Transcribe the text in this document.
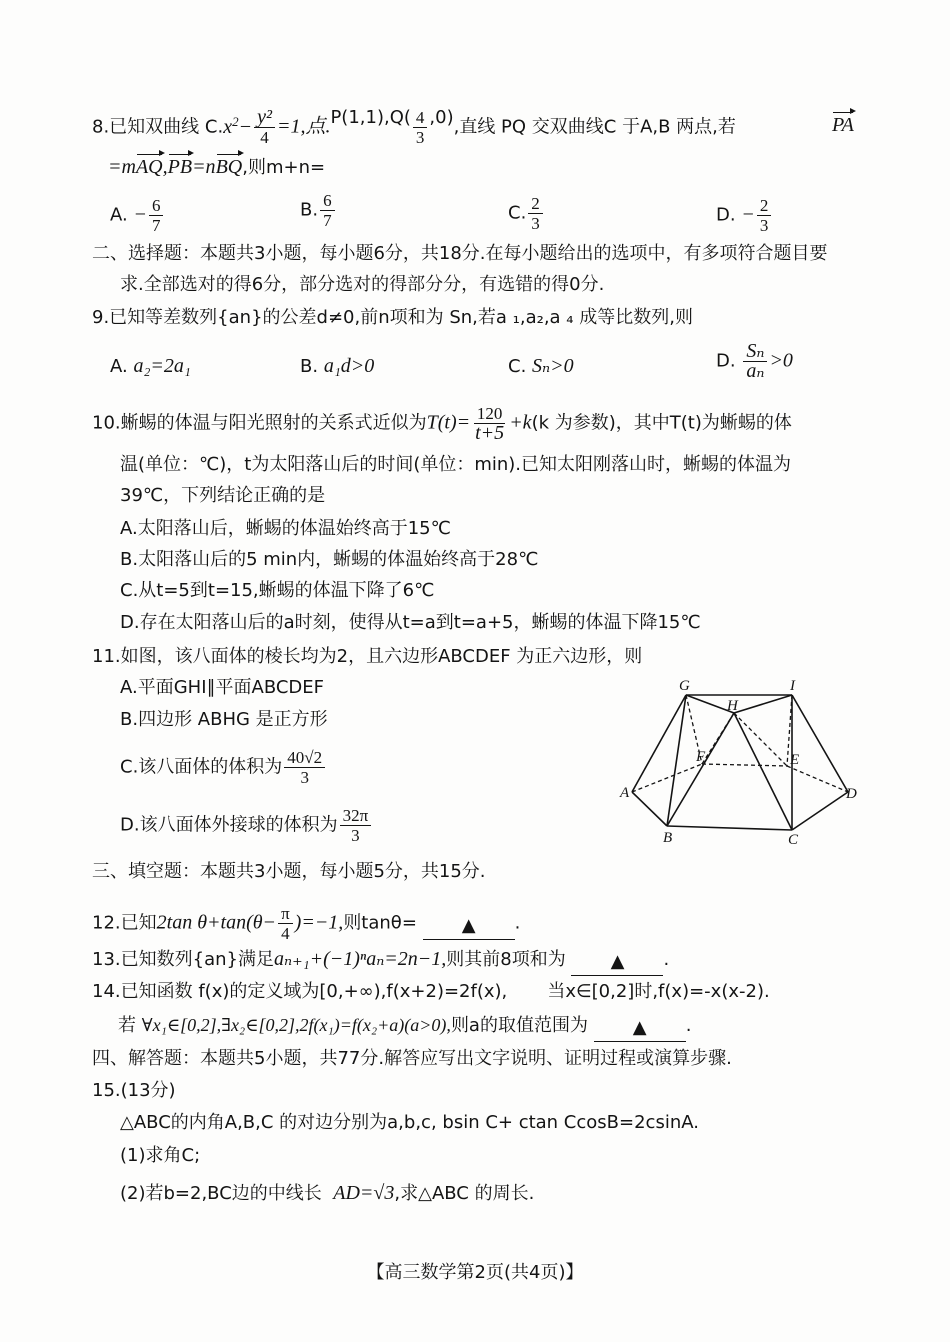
8.已知双曲线 $C.x^2- \frac{\text{y²}}{4} =1$,点$.P(1,1),Q( \frac{4}{3} ,0)$,直线 PQ 交双曲线C 于A,B 两点,若	PA
=mAQ,PB=nBQ,则m+n=
A. − $\frac{6}{7}$	B. $\frac{6}{7}$	C. $\frac{2}{3}$	D. − $\frac{2}{3}$
二、选择题：本题共3小题，每小题6分，共18分.在每小题给出的选项中，有多项符合题目要
求.全部选对的得6分，部分选对的得部分分，有选错的得0分.
9.已知等差数列{an}的公差d≠0,前n项和为 Sn,若a ₁,a₂,a ₄ 成等比数列,则
A. a₂=2a₁	B. a₁d>0	C. Sₙ>0	D. $\frac{\text{Sₙ}}{\text{aₙ}} >0$
10.蜥蜴的体温与阳光照射的关系式近似为$T(t)= \frac{120}{t+5} +k(k$ 为参数)，其中T(t)为蜥蜴的体
温(单位：℃)，t为太阳落山后的时间(单位：min).已知太阳刚落山时，蜥蜴的体温为
39℃，下列结论正确的是
A.太阳落山后，蜥蜴的体温始终高于15℃
B.太阳落山后的5 min内，蜥蜴的体温始终高于28℃
C.从t=5到t=15,蜥蜴的体温下降了6℃
D.存在太阳落山后的a时刻，使得从t=a到t=a+5，蜥蜴的体温下降15℃
11.如图，该八面体的棱长均为2，且六边形ABCDEF 为正六边形，则
A.平面GHI∥平面ABCDEF
B.四边形 ABHG 是正方形
C.该八面体的体积为 $\frac{40√2}{3}$
D.该八面体外接球的体积为 $\frac{32\pi}{3}$
G	I
H
F	E
A	D
B	C
三、填空题：本题共3小题，每小题5分，共15分.
12.已知2tan $\theta+\tan(\theta- \frac{\pi}{4} )=-1$,则tanθ= ▲ .
13.已知数列{an}满足aₙ₊₁+(−1)ⁿaₙ=2n−1,则其前8项和为 ▲ .
14.已知函数 f(x)的定义域为[0,+∞),f(x+2)=2f(x), 当x∈[0,2]时,f(x)=-x(x-2).
若 ∀x₁∈[0,2],∃x₂∈[0,2],2f(x₁)=f(x₂+a)(a>0),则a的取值范围为 ▲ .
四、解答题：本题共5小题，共77分.解答应写出文字说明、证明过程或演算步骤.
15.(13分)
△ABC的内角A,B,C 的对边分别为a,b,c, bsin C+ ctan CcosB=2csinA.
(1)求角C;
(2)若b=2,BC边的中线长 AD=√3,求△ABC 的周长.
【高三数学第2页(共4页)】
